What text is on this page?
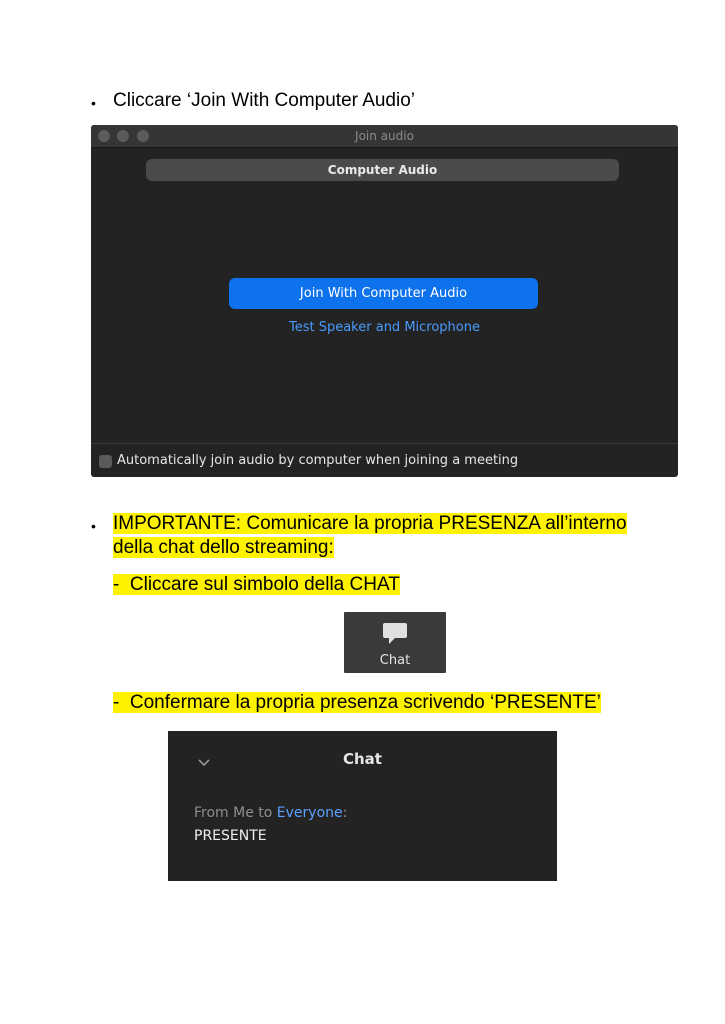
• Cliccare ‘Join With Computer Audio’
Join audio
Computer Audio
Join With Computer Audio
Test Speaker and Microphone
Automatically join audio by computer when joining a meeting
• IMPORTANTE: Comunicare la propria PRESENZA all’interno
della chat dello streaming:
- Cliccare sul simbolo della CHAT
Chat
- Confermare la propria presenza scrivendo ‘PRESENTE’
Chat
From Me to Everyone:
PRESENTE
